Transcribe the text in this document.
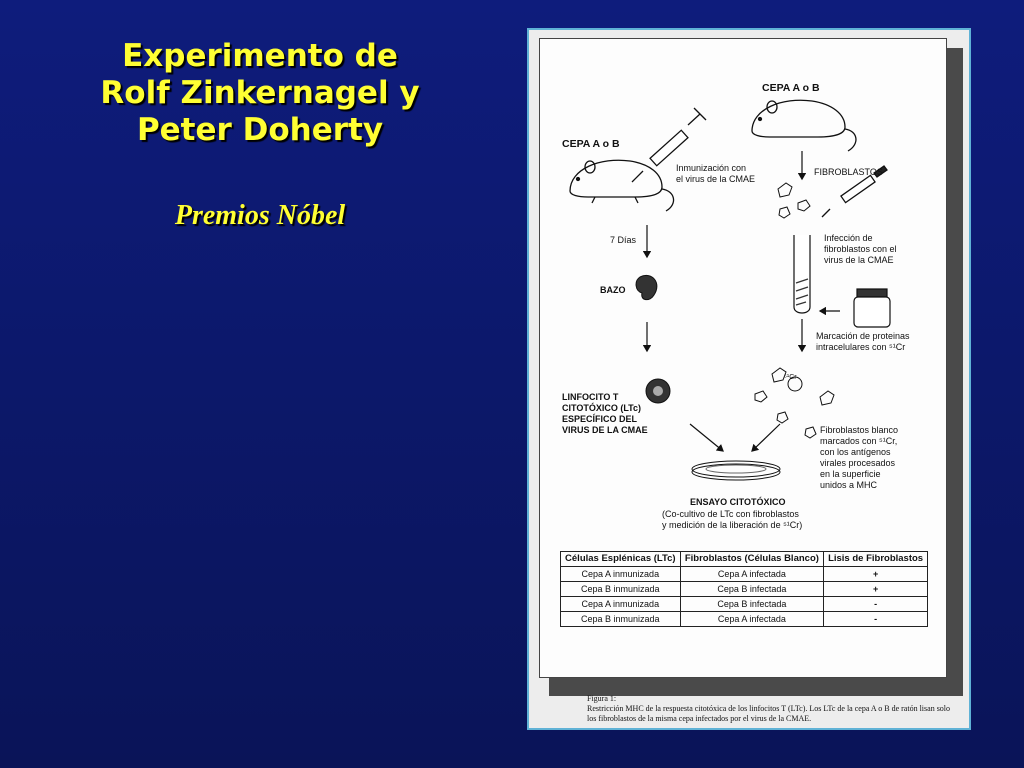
Experimento de
Rolf Zinkernagel y
Peter Doherty
Premios Nóbel
CEPA A o B
CEPA A o B
Inmunización con
el virus de la CMAE
FIBROBLASTOS
7 Días
BAZO
Infección de
fibroblastos con el
virus de la CMAE
Marcación de proteinas
intracelulares con ⁵¹Cr
LINFOCITO T
CITOTÓXICO (LTc)
ESPECÍFICO DEL
VIRUS DE LA CMAE
⁵¹Cr
Fibroblastos blanco
marcados con ⁵¹Cr,
con los antígenos
virales procesados
en la superficie
unidos a MHC
ENSAYO CITOTÓXICO
(Co-cultivo de LTc con fibroblastos
y medición de la liberación de ⁵¹Cr)
Células Esplénicas (LTc)	Fibroblastos (Células Blanco)	Lisis de Fibroblastos
Cepa A inmunizada	Cepa A infectada	+
Cepa B inmunizada	Cepa B infectada	+
Cepa A inmunizada	Cepa B infectada	-
Cepa B inmunizada	Cepa A infectada	-
Figura 1:
Restricción MHC de la respuesta citotóxica de los linfocitos T (LTc). Los LTc de la cepa A o B de ratón lisan solo los fibroblastos de la misma cepa infectados por el virus de la CMAE.
